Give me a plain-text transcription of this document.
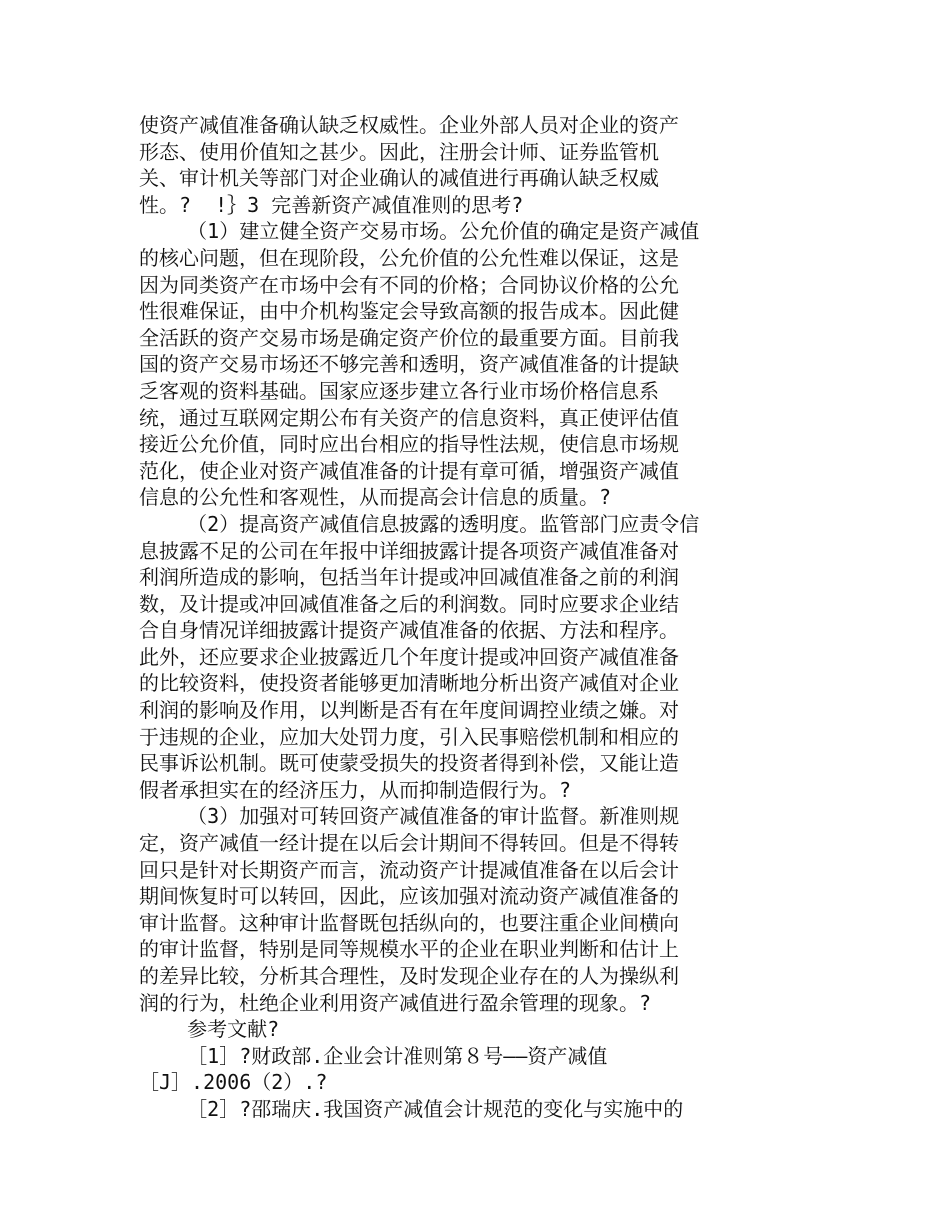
使资产减值准备确认缺乏权威性。企业外部人员对企业的资产
形态、使用价值知之甚少。因此，注册会计师、证券监管机
关、审计机关等部门对企业确认的减值进行再确认缺乏权威
性。?  !｝3 完善新资产减值准则的思考?
（1）建立健全资产交易市场。公允价值的确定是资产减值
的核心问题，但在现阶段，公允价值的公允性难以保证，这是
因为同类资产在市场中会有不同的价格；合同协议价格的公允
性很难保证，由中介机构鉴定会导致高额的报告成本。因此健
全活跃的资产交易市场是确定资产价位的最重要方面。目前我
国的资产交易市场还不够完善和透明，资产减值准备的计提缺
乏客观的资料基础。国家应逐步建立各行业市场价格信息系
统，通过互联网定期公布有关资产的信息资料，真正使评估值
接近公允价值，同时应出台相应的指导性法规，使信息市场规
范化，使企业对资产减值准备的计提有章可循，增强资产减值
信息的公允性和客观性，从而提高会计信息的质量。?
（2）提高资产减值信息披露的透明度。监管部门应责令信
息披露不足的公司在年报中详细披露计提各项资产减值准备对
利润所造成的影响，包括当年计提或冲回减值准备之前的利润
数，及计提或冲回减值准备之后的利润数。同时应要求企业结
合自身情况详细披露计提资产减值准备的依据、方法和程序。
此外，还应要求企业披露近几个年度计提或冲回资产减值准备
的比较资料，使投资者能够更加清晰地分析出资产减值对企业
利润的影响及作用，以判断是否有在年度间调控业绩之嫌。对
于违规的企业，应加大处罚力度，引入民事赔偿机制和相应的
民事诉讼机制。既可使蒙受损失的投资者得到补偿，又能让造
假者承担实在的经济压力，从而抑制造假行为。?
（3）加强对可转回资产减值准备的审计监督。新准则规
定，资产减值一经计提在以后会计期间不得转回。但是不得转
回只是针对长期资产而言，流动资产计提减值准备在以后会计
期间恢复时可以转回，因此，应该加强对流动资产减值准备的
审计监督。这种审计监督既包括纵向的，也要注重企业间横向
的审计监督，特别是同等规模水平的企业在职业判断和估计上
的差异比较，分析其合理性，及时发现企业存在的人为操纵利
润的行为，杜绝企业利用资产减值进行盈余管理的现象。?
参考文献?
［1］?财政部.企业会计准则第８号——资产减值
［J］.2006（2）.?
［2］?邵瑞庆.我国资产减值会计规范的变化与实施中的
